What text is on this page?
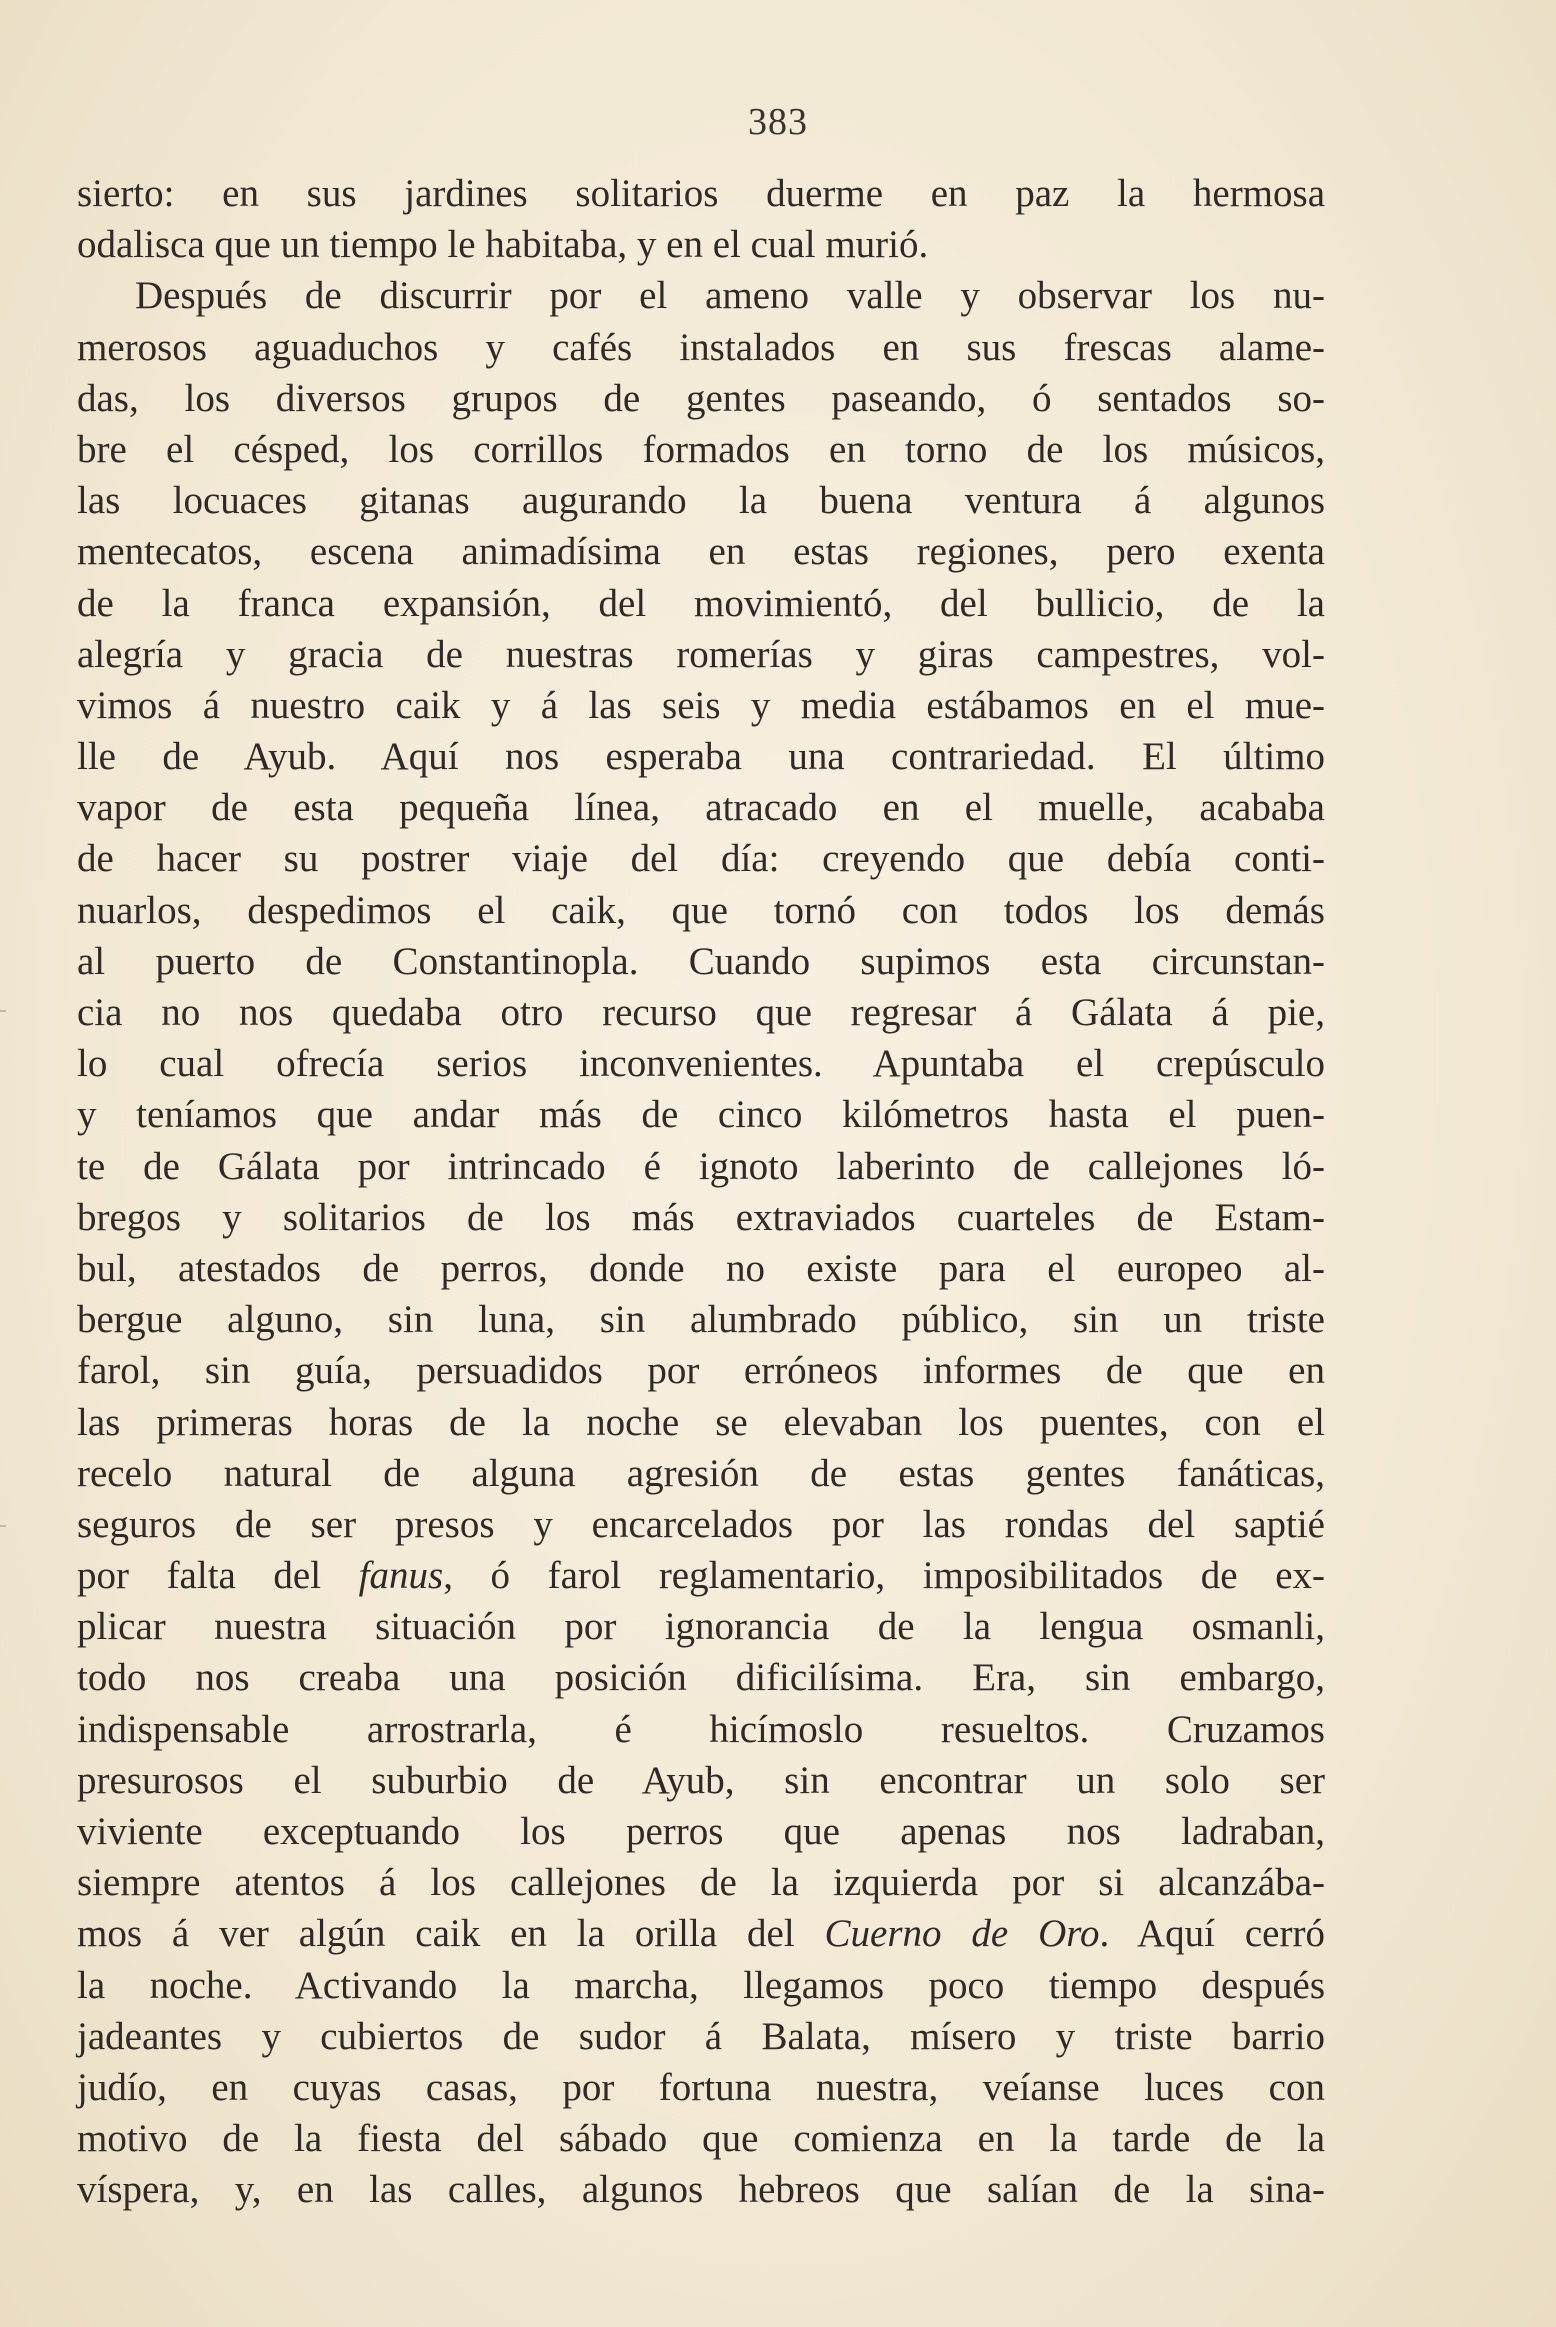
383
sierto: en sus jardines solitarios duerme en paz la hermosa
odalisca que un tiempo le habitaba, y en el cual murió.
Después de discurrir por el ameno valle y observar los nu-
merosos aguaduchos y cafés instalados en sus frescas alame-
das, los diversos grupos de gentes paseando, ó sentados so-
bre el césped, los corrillos formados en torno de los músicos,
las locuaces gitanas augurando la buena ventura á algunos
mentecatos, escena animadísima en estas regiones, pero exenta
de la franca expansión, del movimientó, del bullicio, de la
alegría y gracia de nuestras romerías y giras campestres, vol-
vimos á nuestro caik y á las seis y media estábamos en el mue-
lle de Ayub. Aquí nos esperaba una contrariedad. El último
vapor de esta pequeña línea, atracado en el muelle, acababa
de hacer su postrer viaje del día: creyendo que debía conti-
nuarlos, despedimos el caik, que tornó con todos los demás
al puerto de Constantinopla. Cuando supimos esta circunstan-
cia no nos quedaba otro recurso que regresar á Gálata á pie,
lo cual ofrecía serios inconvenientes. Apuntaba el crepúsculo
y teníamos que andar más de cinco kilómetros hasta el puen-
te de Gálata por intrincado é ignoto laberinto de callejones ló-
bregos y solitarios de los más extraviados cuarteles de Estam-
bul, atestados de perros, donde no existe para el europeo al-
bergue alguno, sin luna, sin alumbrado público, sin un triste
farol, sin guía, persuadidos por erróneos informes de que en
las primeras horas de la noche se elevaban los puentes, con el
recelo natural de alguna agresión de estas gentes fanáticas,
seguros de ser presos y encarcelados por las rondas del saptié
por falta del fanus, ó farol reglamentario, imposibilitados de ex-
plicar nuestra situación por ignorancia de la lengua osmanli,
todo nos creaba una posición dificilísima. Era, sin embargo,
indispensable arrostrarla, é hicímoslo resueltos. Cruzamos
presurosos el suburbio de Ayub, sin encontrar un solo ser
viviente exceptuando los perros que apenas nos ladraban,
siempre atentos á los callejones de la izquierda por si alcanzába-
mos á ver algún caik en la orilla del Cuerno de Oro. Aquí cerró
la noche. Activando la marcha, llegamos poco tiempo después
jadeantes y cubiertos de sudor á Balata, mísero y triste barrio
judío, en cuyas casas, por fortuna nuestra, veíanse luces con
motivo de la fiesta del sábado que comienza en la tarde de la
víspera, y, en las calles, algunos hebreos que salían de la sina-
